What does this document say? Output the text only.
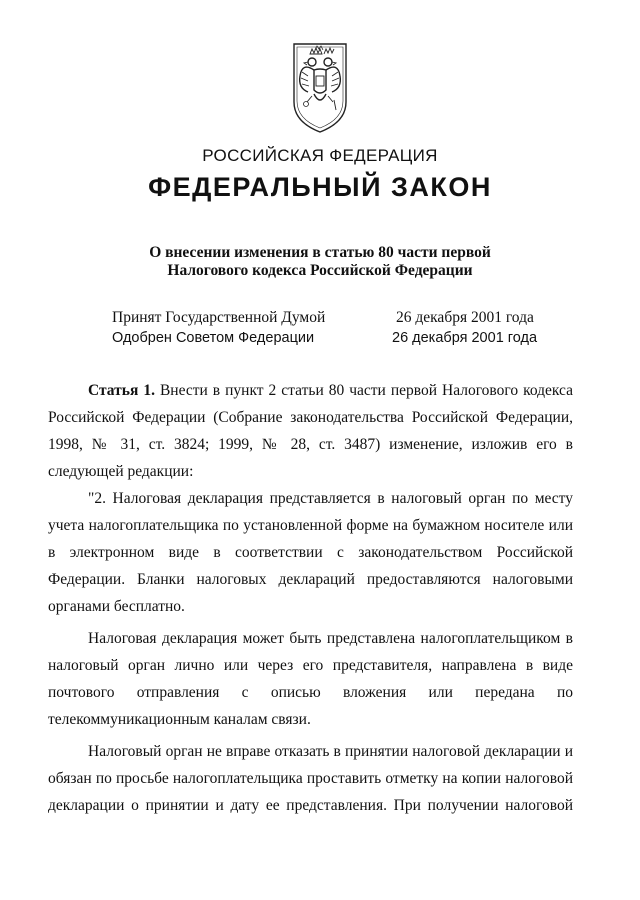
РОССИЙСКАЯ ФЕДЕРАЦИЯ
ФЕДЕРАЛЬНЫЙ ЗАКОН
О внесении изменения в статью 80 части первой
Налогового кодекса Российской Федерации
Принят Государственной Думой	26 декабря 2001 года
Одобрен Советом Федерации	26 декабря 2001 года
Статья 1. Внести в пункт 2 статьи 80 части первой Налогового кодекса
Российской Федерации (Собрание законодательства Российской Федерации,
1998, № 31, ст. 3824; 1999, № 28, ст. 3487) изменение, изложив его в
следующей редакции:
"2. Налоговая декларация представляется в налоговый орган по месту
учета налогоплательщика по установленной форме на бумажном носителе или
в электронном виде в соответствии с законодательством Российской
Федерации. Бланки налоговых деклараций предоставляются налоговыми
органами бесплатно.
Налоговая декларация может быть представлена налогоплательщиком в
налоговый орган лично или через его представителя, направлена в виде
почтового отправления с описью вложения или передана по
телекоммуникационным каналам связи.
Налоговый орган не вправе отказать в принятии налоговой декларации и
обязан по просьбе налогоплательщика проставить отметку на копии налоговой
декларации о принятии и дату ее представления. При получении налоговой
